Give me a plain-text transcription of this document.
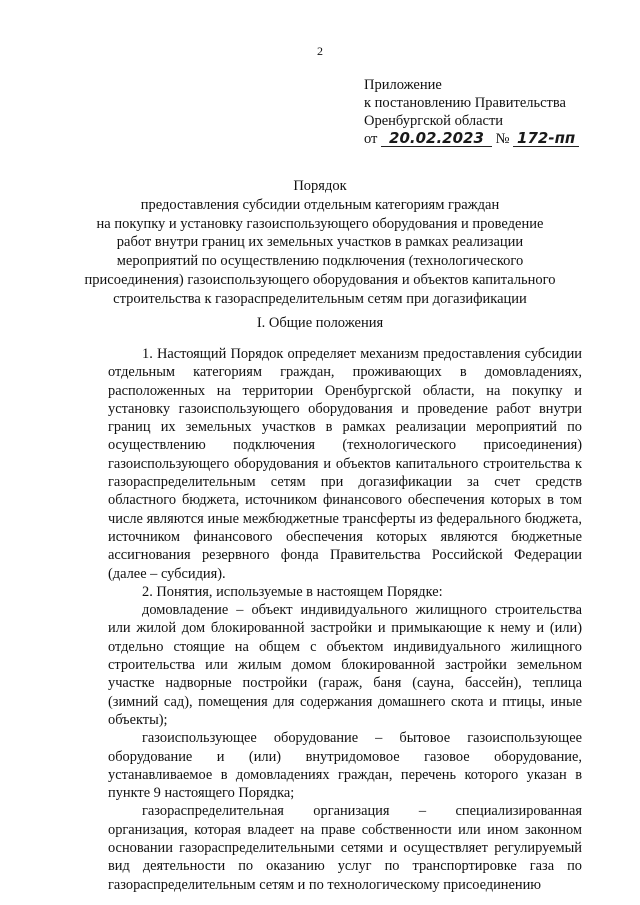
2
Приложение
к постановлению Правительства
Оренбургской области
от 20.02.2023 № 172-пп
Порядок
предоставления субсидии отдельным категориям граждан
на покупку и установку газоиспользующего оборудования и проведение
работ внутри границ их земельных участков в рамках реализации
мероприятий по осуществлению подключения (технологического
присоединения) газоиспользующего оборудования и объектов капитального
строительства к газораспределительным сетям при догазификации
I. Общие положения

1. Настоящий Порядок определяет механизм предоставления субсидии отдельным категориям граждан, проживающих в домовладениях, расположенных на территории Оренбургской области, на покупку и установку газоиспользующего оборудования и проведение работ внутри границ их земельных участков в рамках реализации мероприятий по осуществлению подключения (технологического присоединения) газоиспользующего оборудования и объектов капитального строительства к газораспределительным сетям при догазификации за счет средств областного бюджета, источником финансового обеспечения которых в том числе являются иные межбюджетные трансферты из федерального бюджета, источником финансового обеспечения которых являются бюджетные ассигнования резервного фонда Правительства Российской Федерации (далее – субсидия).

2. Понятия, используемые в настоящем Порядке:

домовладение – объект индивидуального жилищного строительства или жилой дом блокированной застройки и примыкающие к нему и (или) отдельно стоящие на общем с объектом индивидуального жилищного строительства или жилым домом блокированной застройки земельном участке надворные постройки (гараж, баня (сауна, бассейн), теплица (зимний сад), помещения для содержания домашнего скота и птицы, иные объекты);

газоиспользующее оборудование – бытовое газоиспользующее оборудование и (или) внутридомовое газовое оборудование, устанавливаемое в домовладениях граждан, перечень которого указан в пункте 9 настоящего Порядка;

газораспределительная организация – специализированная организация, которая владеет на праве собственности или ином законном основании газораспределительными сетями и осуществляет регулируемый вид деятельности по оказанию услуг по транспортировке газа по газораспределительным сетям и по технологическому присоединению
